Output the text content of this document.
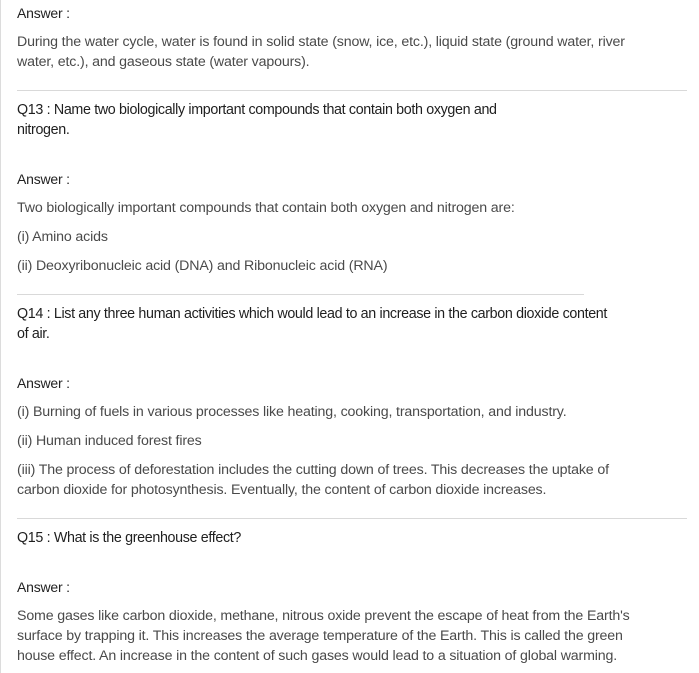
Answer :
During the water cycle, water is found in solid state (snow, ice, etc.), liquid state (ground water, river
water, etc.), and gaseous state (water vapours).
Q13 : Name two biologically important compounds that contain both oxygen and
nitrogen.
Answer :
Two biologically important compounds that contain both oxygen and nitrogen are:
(i) Amino acids
(ii) Deoxyribonucleic acid (DNA) and Ribonucleic acid (RNA)
Q14 : List any three human activities which would lead to an increase in the carbon dioxide content
of air.
Answer :
(i) Burning of fuels in various processes like heating, cooking, transportation, and industry.
(ii) Human induced forest fires
(iii) The process of deforestation includes the cutting down of trees. This decreases the uptake of
carbon dioxide for photosynthesis. Eventually, the content of carbon dioxide increases.
Q15 : What is the greenhouse effect?
Answer :
Some gases like carbon dioxide, methane, nitrous oxide prevent the escape of heat from the Earth's
surface by trapping it. This increases the average temperature of the Earth. This is called the green
house effect. An increase in the content of such gases would lead to a situation of global warming.
